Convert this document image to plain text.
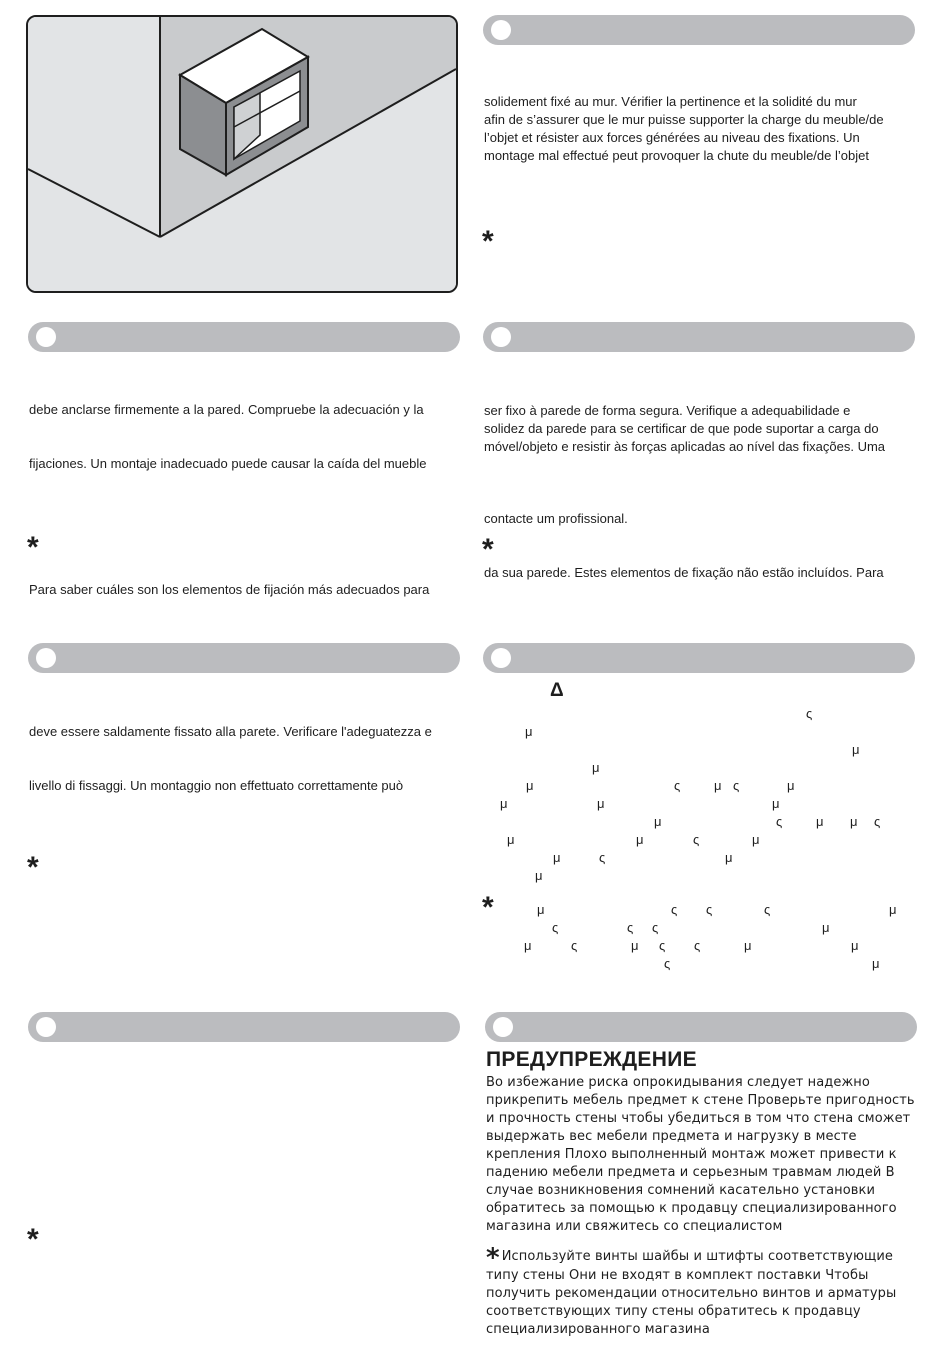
solidement fixé au mur. Vérifier la pertinence et la solidité du mur
afin de s’assurer que le mur puisse supporter la charge du meuble/de
l’objet et résister aux forces générées au niveau des fixations. Un
montage mal effectué peut provoquer la chute du meuble/de l’objet
*
debe anclarse firmemente a la pared. Compruebe la adecuación y la
fijaciones. Un montaje inadecuado puede causar la caída del mueble
*
Para saber cuáles son los elementos de fijación más adecuados para
ser fixo à parede de forma segura. Verifique a adequabilidade e
solidez da parede para se certificar de que pode suportar a carga do
móvel/objeto e resistir às forças aplicadas ao nível das fixações. Uma
contacte um profissional.
*
da sua parede. Estes elementos de fixação não estão incluídos. Para
deve essere saldamente fissato alla parete. Verificare l'adeguatezza e
livello di fissaggi. Un montaggio non effettuato correttamente può
*
Δ
*
ς
μ
μ
μ
μ	ς	μ ς	μ
μ	μ	μ
μ	ς	μ μ ς
μ	μ	ς	μ
μ	ς	μ
μ
μ	ς ς	ς	μ
ς	ς ς	μ
μ	ς	μ ς ς	μ	μ
ς	μ
*
ПРЕДУПРЕЖДЕНИЕ
Во избежание риска опрокидывания следует надежно прикрепить мебель предмет к стене Проверьте пригодность и прочность стены чтобы убедиться в том что стена сможет выдержать вес мебели предмета и нагрузку в месте крепления Плохо выполненный монтаж может привести к падению мебели предмета и серьезным травмам людей В случае возникновения сомнений касательно установки обратитесь за помощью к продавцу специализированного магазина или свяжитесь со специалистом
* Используйте винты шайбы и штифты соответствующие типу стены Они не входят в комплект поставки Чтобы получить рекомендации относительно винтов и арматуры соответствующих типу стены обратитесь к продавцу специализированного магазина
